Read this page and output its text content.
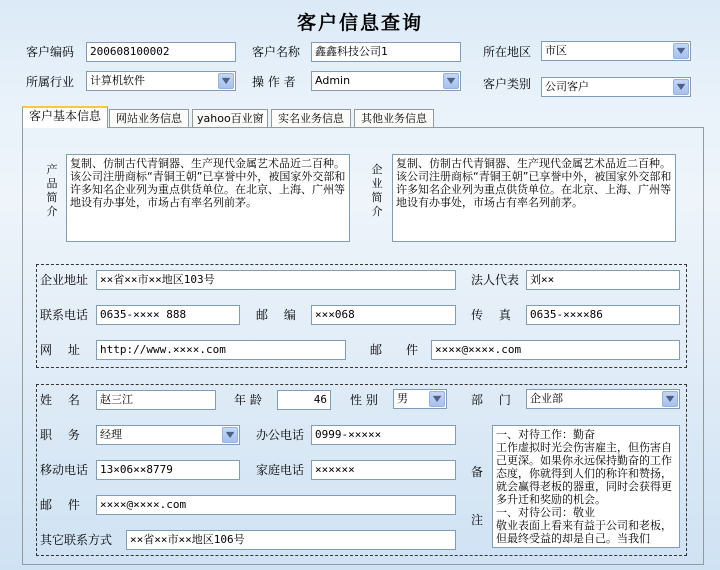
客户信息查询
客户编码	200608100002	客户名称	鑫鑫科技公司1	所在地区	市区	▼
所属行业	计算机软件	▼	操 作 者	Admin	▼	客户类别	公司客户	▼
客户基本信息	网站业务信息	yahoo百业窗	实名业务信息	其他业务信息
产品简介
复制、仿制古代青铜器、生产现代金属艺术品近二百种。该公司注册商标“青铜王朝”已享誉中外，被国家外交部和许多知名企业列为重点供货单位。在北京、上海、广州等地设有办事处，市场占有率名列前茅。
企业简介
复制、仿制古代青铜器、生产现代金属艺术品近二百种。该公司注册商标“青铜王朝”已享誉中外，被国家外交部和许多知名企业列为重点供货单位。在北京、上海、广州等地设有办事处，市场占有率名列前茅。
企业地址	××省××市××地区103号	法人代表 刘××
联系电话	0635-×××× 888	邮　 编	×××068	传　 真	0635-××××86
网　 址	http://www.××××.com	邮　　件	××××@××××.com
姓　 名	赵三江	年 龄	46	性 别	男	▼	部　 门	企业部	▼
职　 务	经理	▼	办公电话 0999-×××××
移动电话	13×06××8779	家庭电话 ××××××
邮　 件	××××@××××.com
其它联系方式	××省××市××地区106号
备注
一、对待工作：勤奋
工作虚拟时光会伤害雇主，但伤害自己更深。如果你永远保持勤奋的工作态度，你就得到人们的称许和赞扬，就会赢得老板的器重，同时会获得更多升迁和奖励的机会。
一、对待公司：敬业
敬业表面上看来有益于公司和老板，但最终受益的却是自己。当我们
